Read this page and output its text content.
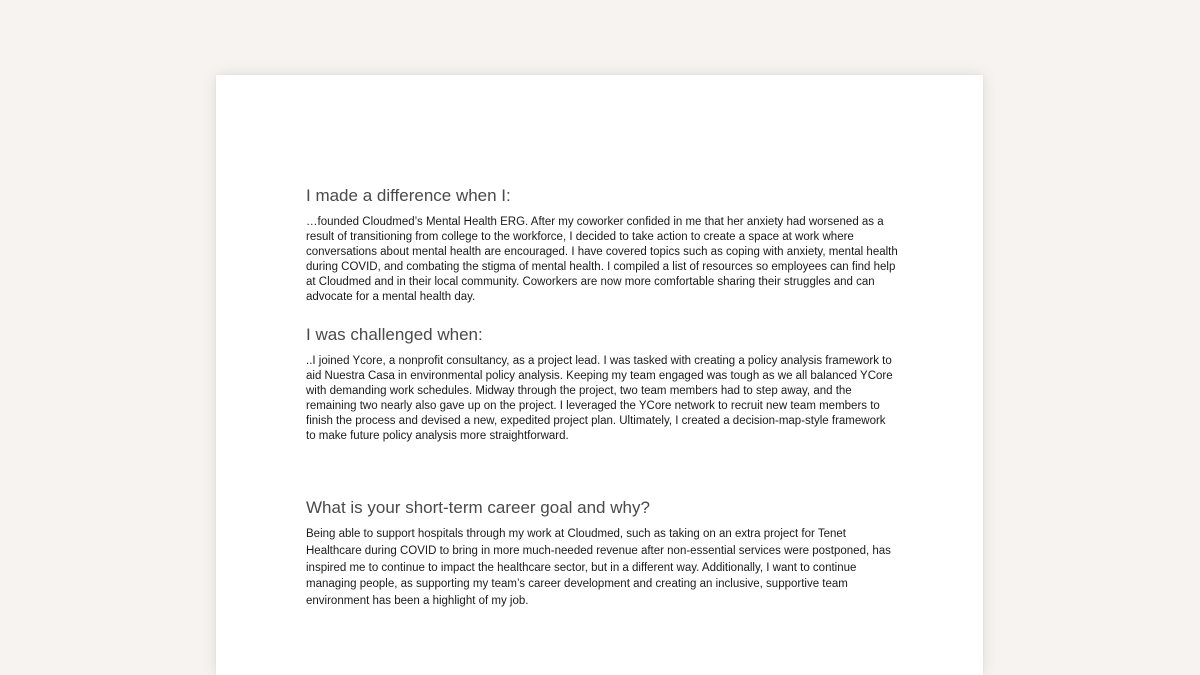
I made a difference when I:

…founded Cloudmed’s Mental Health ERG. After my coworker confided in me that her anxiety had worsened as a result of transitioning from college to the workforce, I decided to take action to create a space at work where conversations about mental health are encouraged. I have covered topics such as coping with anxiety, mental health during COVID, and combating the stigma of mental health. I compiled a list of resources so employees can find help at Cloudmed and in their local community. Coworkers are now more comfortable sharing their struggles and can advocate for a mental health day.

I was challenged when:

..I joined Ycore, a nonprofit consultancy, as a project lead. I was tasked with creating a policy analysis framework to aid Nuestra Casa in environmental policy analysis. Keeping my team engaged was tough as we all balanced YCore with demanding work schedules. Midway through the project, two team members had to step away, and the remaining two nearly also gave up on the project. I leveraged the YCore network to recruit new team members to finish the process and devised a new, expedited project plan. Ultimately, I created a decision-map-style framework to make future policy analysis more straightforward.

What is your short-term career goal and why?

Being able to support hospitals through my work at Cloudmed, such as taking on an extra project for Tenet Healthcare during COVID to bring in more much-needed revenue after non-essential services were postponed, has inspired me to continue to impact the healthcare sector, but in a different way. Additionally, I want to continue managing people, as supporting my team’s career development and creating an inclusive, supportive team environment has been a highlight of my job.
